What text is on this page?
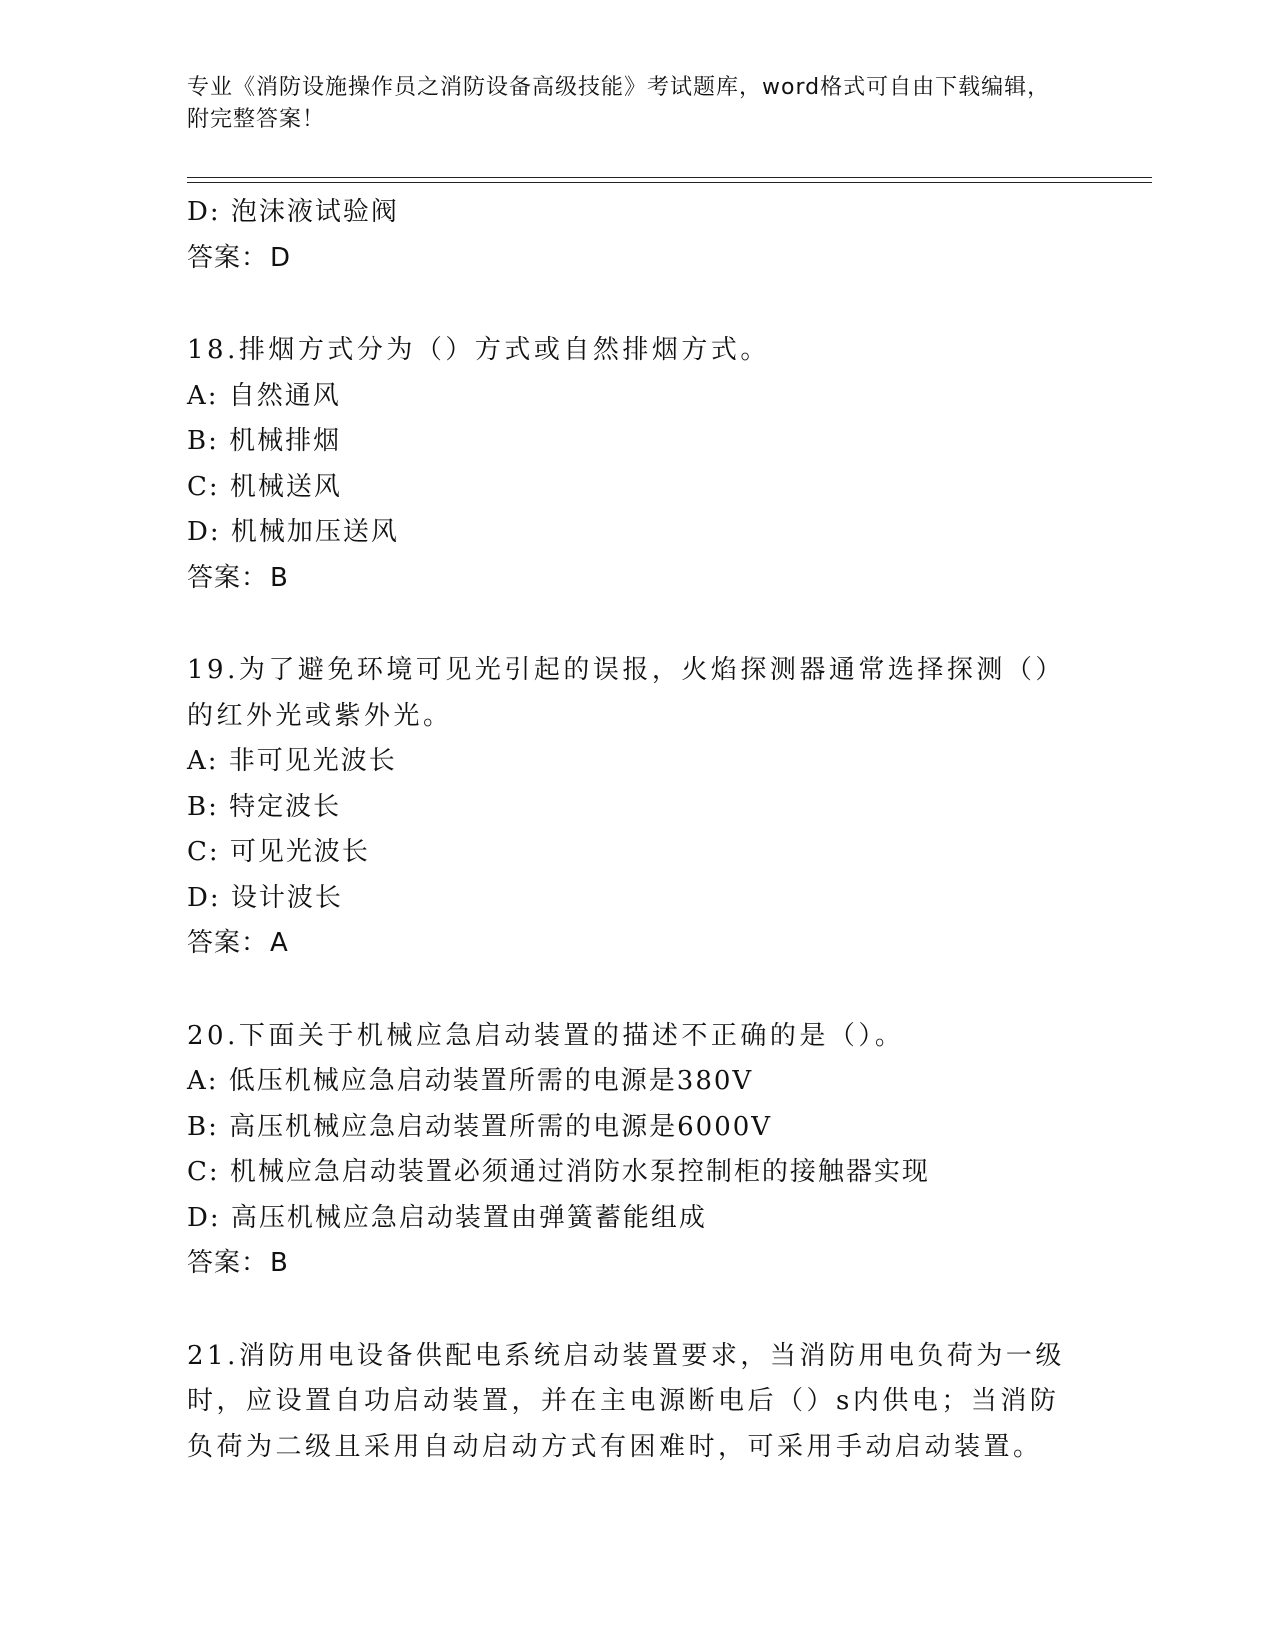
专业《消防设施操作员之消防设备高级技能》考试题库，word格式可自由下载编辑，附完整答案！
D: 泡沫液试验阀
答案：D
18.排烟方式分为（）方式或自然排烟方式。
A: 自然通风
B: 机械排烟
C: 机械送风
D: 机械加压送风
答案：B
19.为了避免环境可见光引起的误报，火焰探测器通常选择探测（）的红外光或紫外光。
A: 非可见光波长
B: 特定波长
C: 可见光波长
D: 设计波长
答案：A
20.下面关于机械应急启动装置的描述不正确的是（）。
A: 低压机械应急启动装置所需的电源是380V
B: 高压机械应急启动装置所需的电源是6000V
C: 机械应急启动装置必须通过消防水泵控制柜的接触器实现
D: 高压机械应急启动装置由弹簧蓄能组成
答案：B
21.消防用电设备供配电系统启动装置要求，当消防用电负荷为一级时，应设置自功启动装置，并在主电源断电后（）s内供电；当消防负荷为二级且采用自动启动方式有困难时，可采用手动启动装置。
